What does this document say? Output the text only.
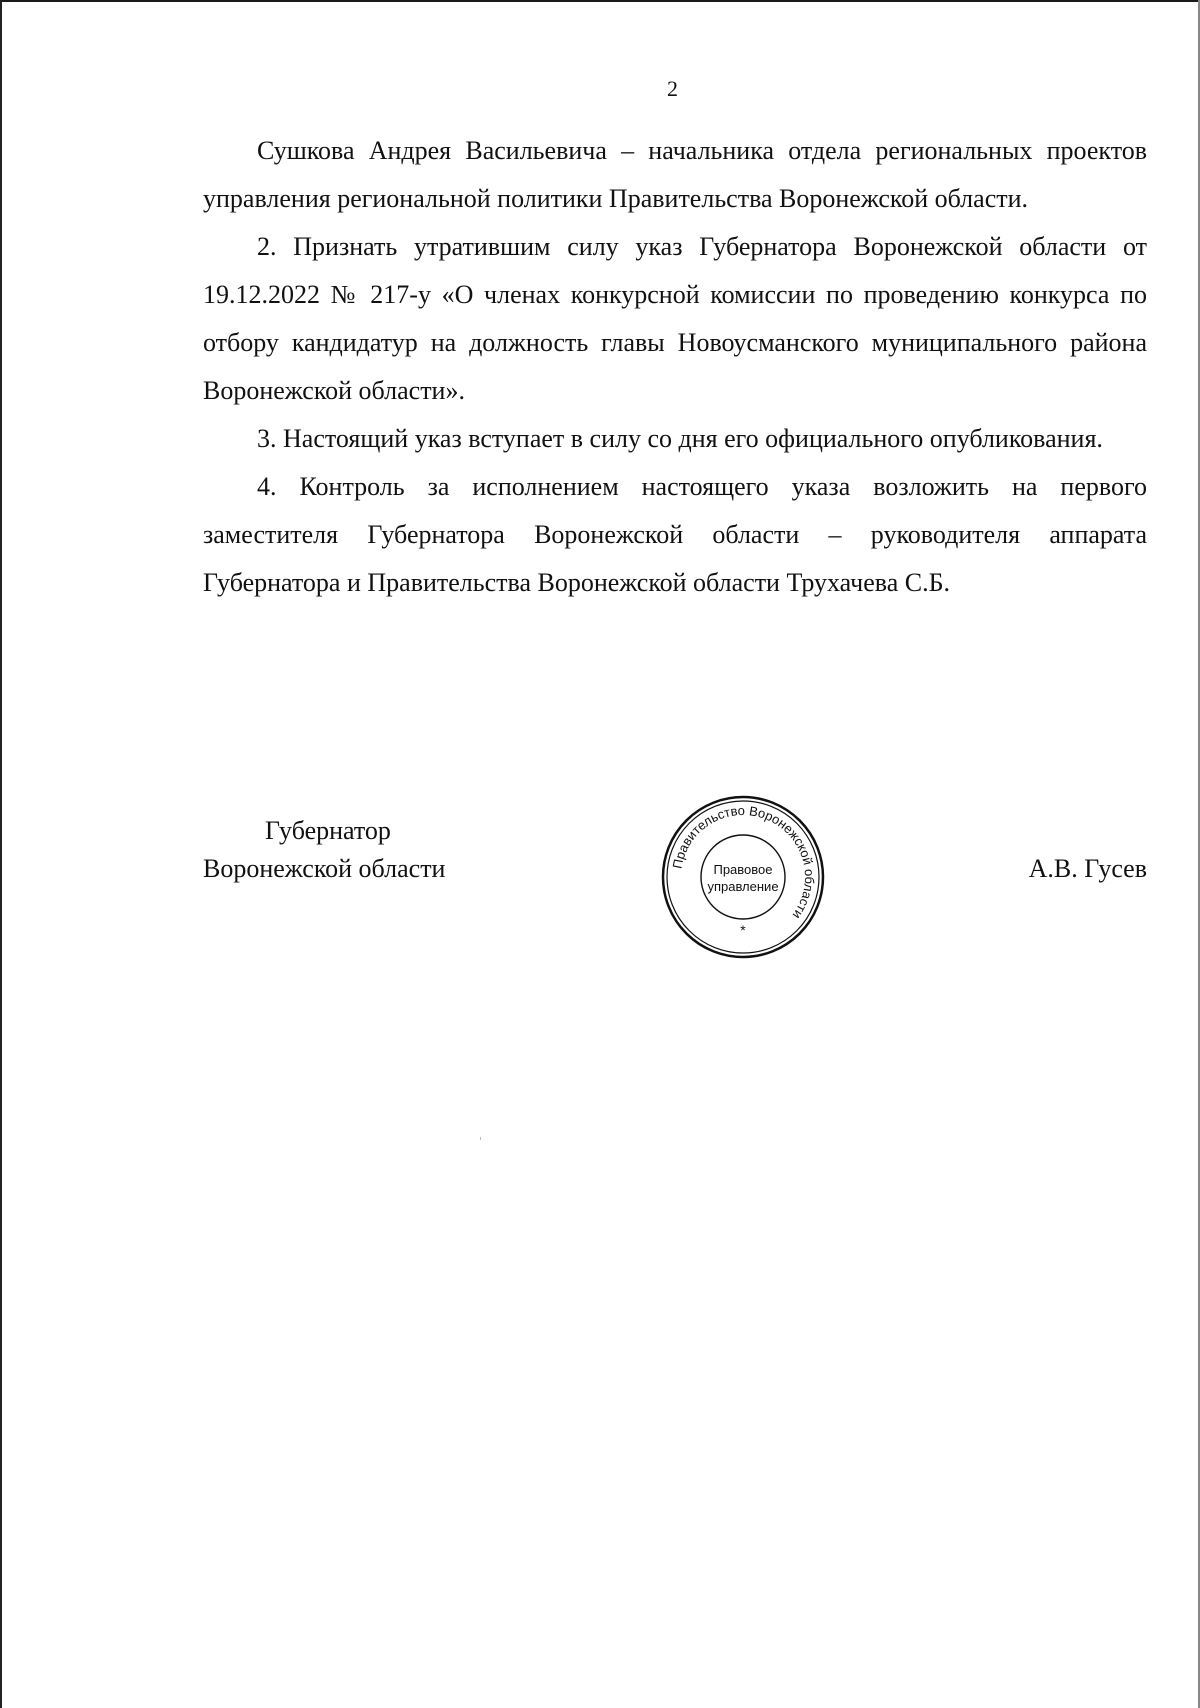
2

Сушкова Андрея Васильевича – начальника отдела региональных проектов управления региональной политики Правительства Воронежской области.

2. Признать утратившим силу указ Губернатора Воронежской области от 19.12.2022 № 217-у «О членах конкурсной комиссии по проведению конкурса по отбору кандидатур на должность главы Новоусманского муниципального района Воронежской области».

3. Настоящий указ вступает в силу со дня его официального опубликования.

4. Контроль за исполнением настоящего указа возложить на первого заместителя Губернатора Воронежской области – руководителя аппарата Губернатора и Правительства Воронежской области Трухачева С.Б.

Губернатор
Воронежской области	Правительство Воронежской области
Правовое
управление
*
А.В. Гусев
